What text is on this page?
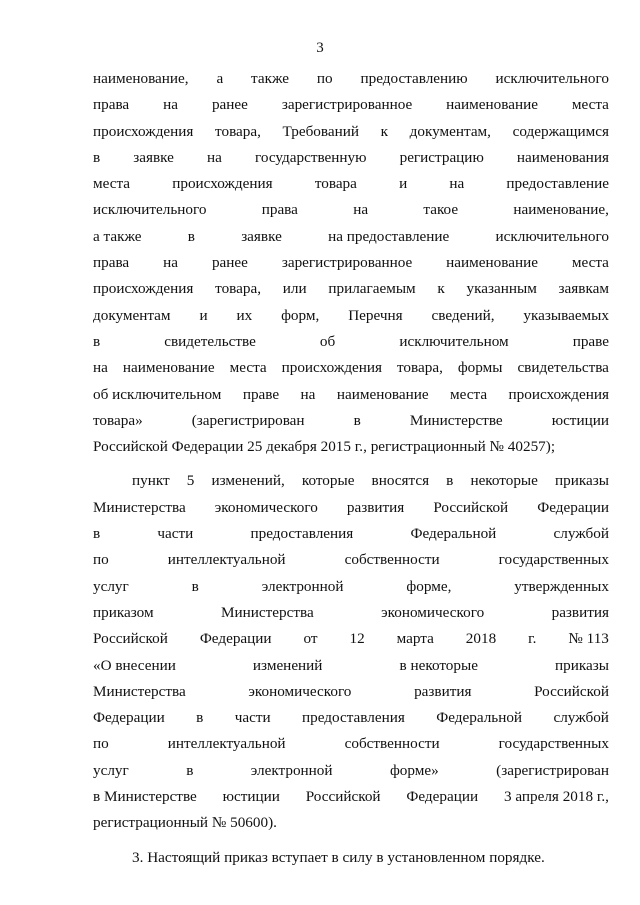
3
наименование, а также по предоставлению исключительного
права на ранее зарегистрированное наименование места
происхождения товара, Требований к документам, содержащимся
в заявке на государственную регистрацию наименования
места	происхождения	товара	и	на	предоставление
исключительного	права	на	такое	наименование,
а также	в	заявке	на предоставление	исключительного
права на ранее зарегистрированное наименование места
происхождения товара, или прилагаемым к указанным заявкам
документам и их форм, Перечня сведений, указываемых
в	свидетельстве	об	исключительном	праве
на наименование места происхождения товара, формы свидетельства
об исключительном праве на наименование места происхождения
товара»	(зарегистрирован	в	Министерстве	юстиции
Российской Федерации 25 декабря 2015 г., регистрационный № 40257);
пункт 5 изменений, которые вносятся в некоторые приказы
Министерства экономического развития Российской Федерации
в	части	предоставления	Федеральной	службой
по	интеллектуальной	собственности	государственных
услуг	в	электронной	форме,	утвержденных
приказом	Министерства	экономического	развития
Российской Федерации от 12 марта 2018 г. № 113
«О внесении	изменений	в некоторые	приказы
Министерства	экономического	развития	Российской
Федерации в части предоставления Федеральной службой
по	интеллектуальной	собственности	государственных
услуг	в	электронной	форме»	(зарегистрирован
в Министерстве юстиции Российской Федерации 3 апреля 2018 г.,
регистрационный № 50600).
3. Настоящий приказ вступает в силу в установленном порядке.
